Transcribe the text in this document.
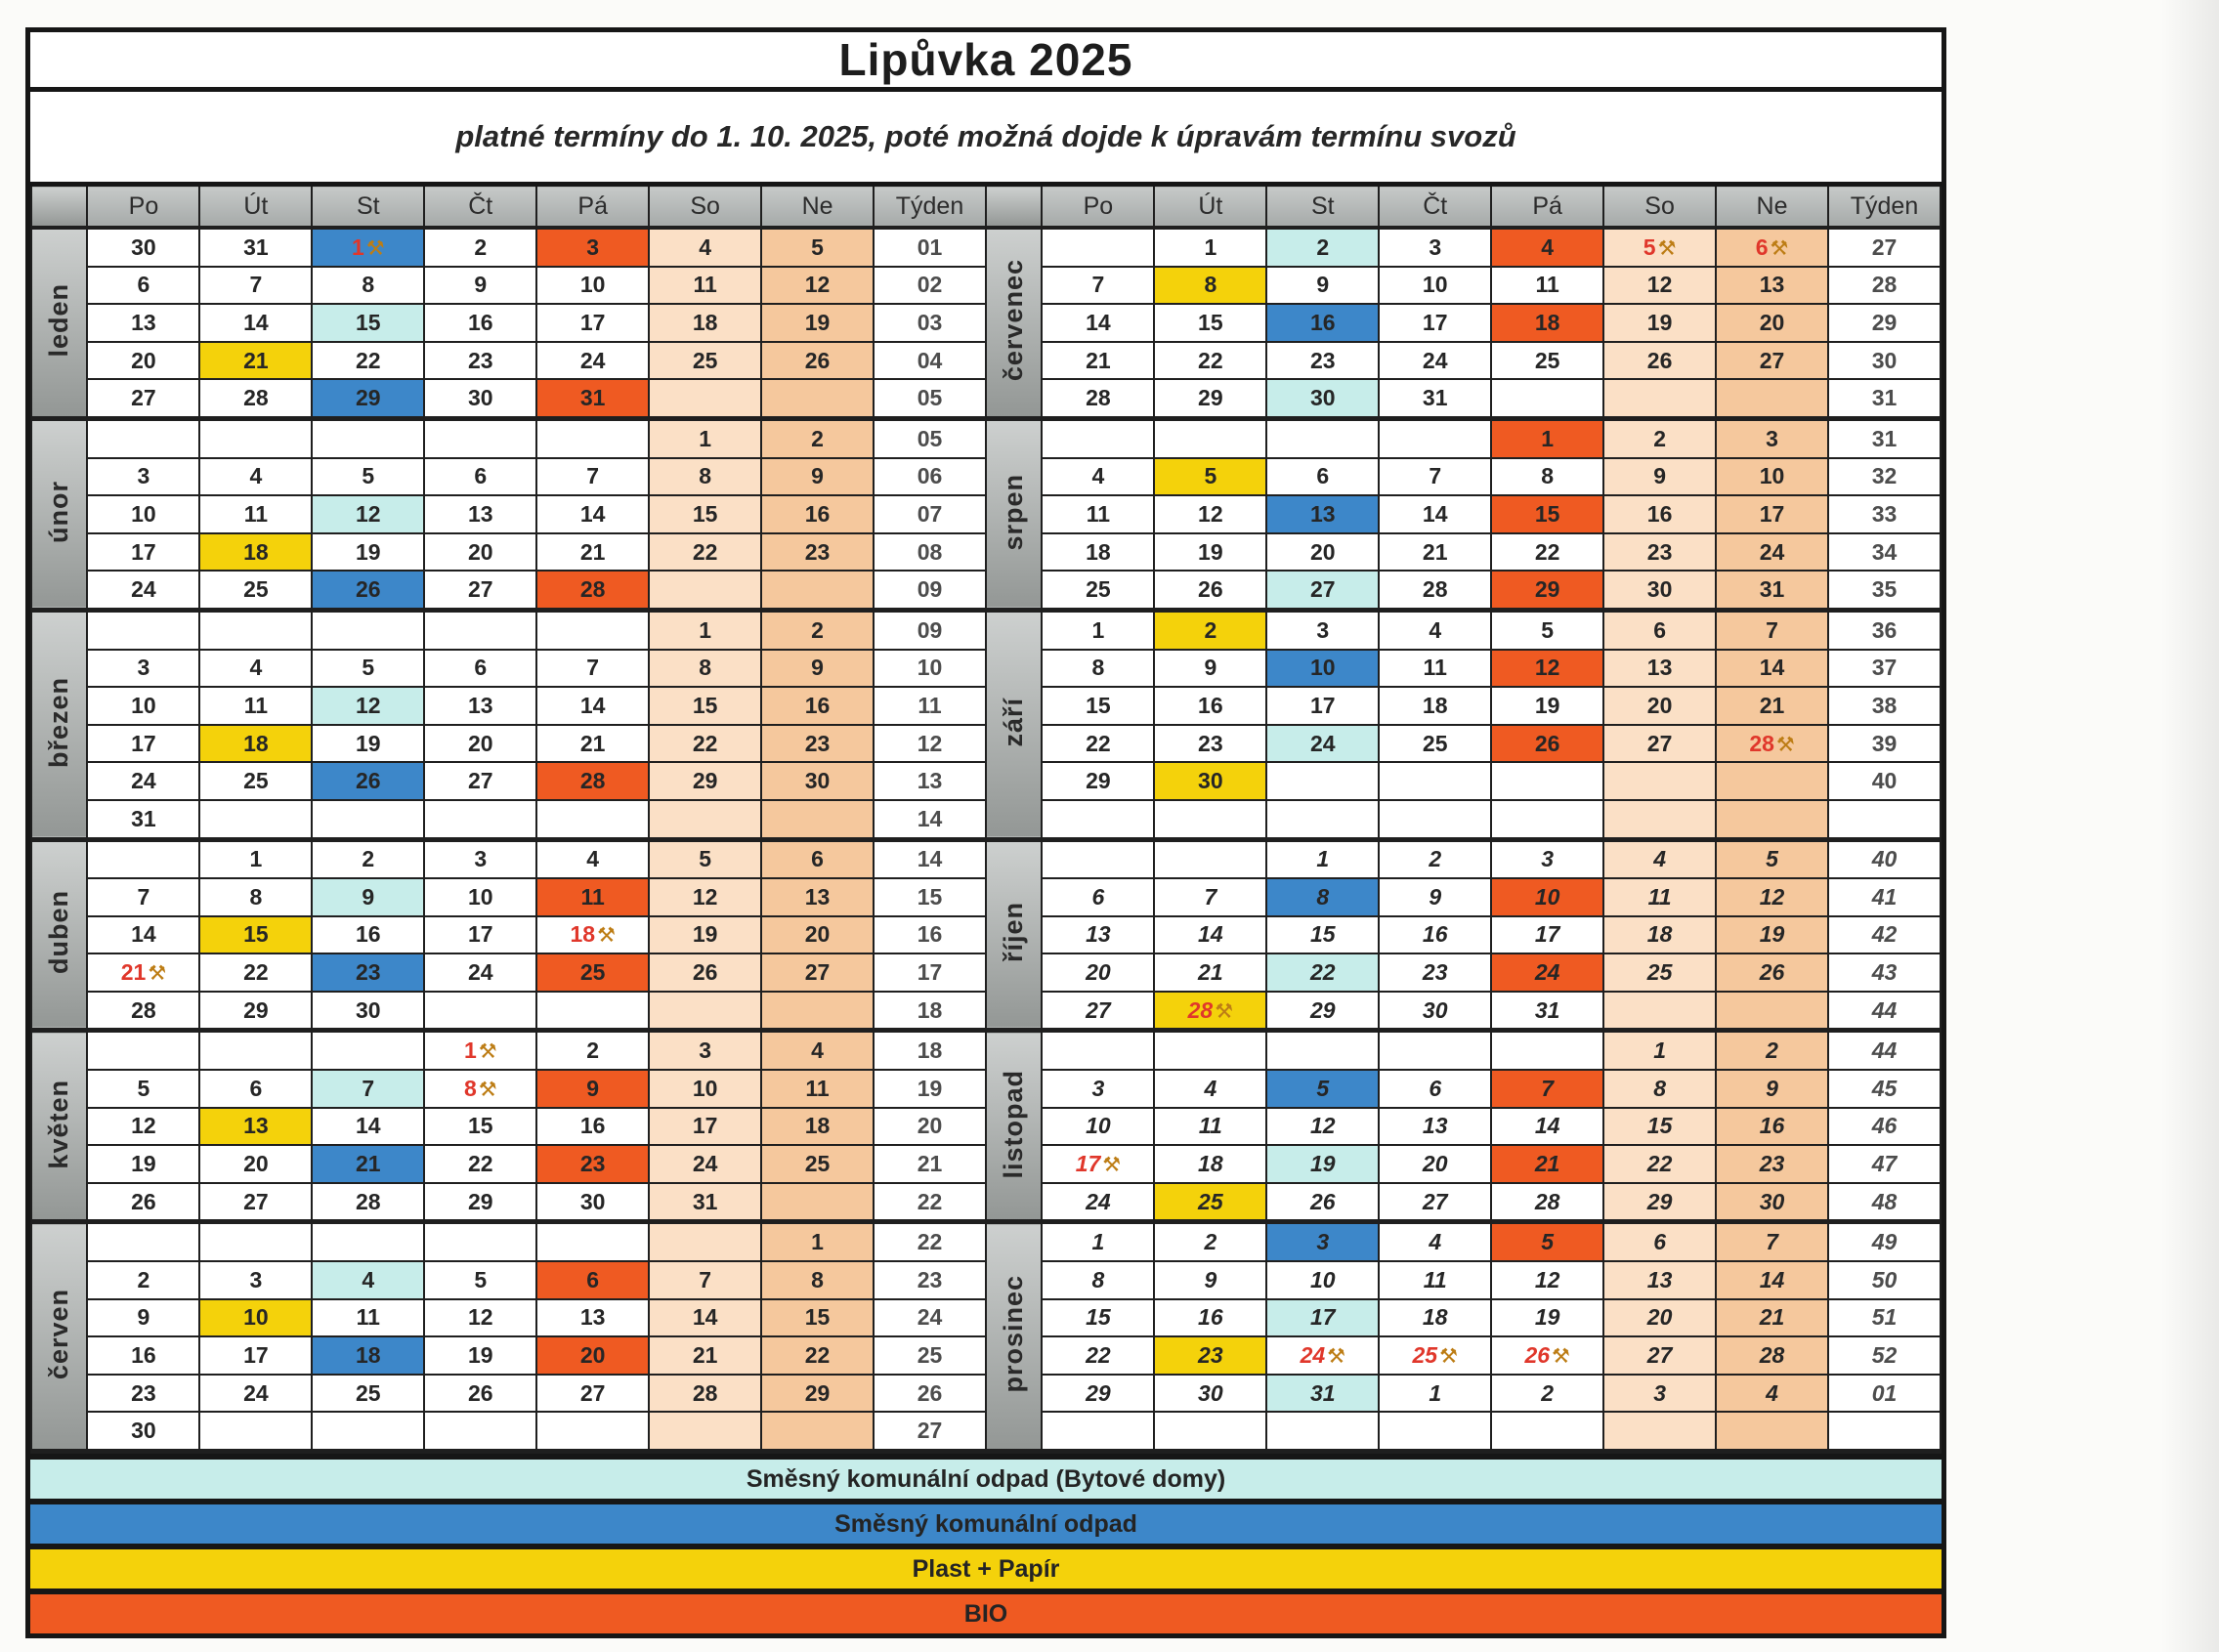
Lipůvka 2025
platné termíny do 1. 10. 2025, poté možná dojde k úpravám termínu svozů
	Po	Út	St	Čt	Pá	So	Ne	Týden		Po	Út	St	Čt	Pá	So	Ne	Týden
leden	30	31	1⚒	2	3	4	5	01	červenec		1	2	3	4	5⚒	6⚒	27
	6	7	8	9	10	11	12	02		7	8	9	10	11	12	13	28
	13	14	15	16	17	18	19	03		14	15	16	17	18	19	20	29
	20	21	22	23	24	25	26	04		21	22	23	24	25	26	27	30
	27	28	29	30	31			05		28	29	30	31				31
únor						1	2	05	srpen					1	2	3	31
	3	4	5	6	7	8	9	06		4	5	6	7	8	9	10	32
	10	11	12	13	14	15	16	07		11	12	13	14	15	16	17	33
	17	18	19	20	21	22	23	08		18	19	20	21	22	23	24	34
	24	25	26	27	28			09		25	26	27	28	29	30	31	35
březen						1	2	09	září	1	2	3	4	5	6	7	36
	3	4	5	6	7	8	9	10		8	9	10	11	12	13	14	37
	10	11	12	13	14	15	16	11		15	16	17	18	19	20	21	38
	17	18	19	20	21	22	23	12		22	23	24	25	26	27	28⚒	39
	24	25	26	27	28	29	30	13		29	30						40
	31							14									
duben		1	2	3	4	5	6	14	říjen			1	2	3	4	5	40
	7	8	9	10	11	12	13	15		6	7	8	9	10	11	12	41
	14	15	16	17	18⚒	19	20	16		13	14	15	16	17	18	19	42
	21⚒	22	23	24	25	26	27	17		20	21	22	23	24	25	26	43
	28	29	30					18		27	28⚒	29	30	31			44
květen				1⚒	2	3	4	18	listopad						1	2	44
	5	6	7	8⚒	9	10	11	19		3	4	5	6	7	8	9	45
	12	13	14	15	16	17	18	20		10	11	12	13	14	15	16	46
	19	20	21	22	23	24	25	21		17⚒	18	19	20	21	22	23	47
	26	27	28	29	30	31		22		24	25	26	27	28	29	30	48
červen							1	22	prosinec	1	2	3	4	5	6	7	49
	2	3	4	5	6	7	8	23		8	9	10	11	12	13	14	50
	9	10	11	12	13	14	15	24		15	16	17	18	19	20	21	51
	16	17	18	19	20	21	22	25		22	23	24⚒	25⚒	26⚒	27	28	52
	23	24	25	26	27	28	29	26		29	30	31	1	2	3	4	01
	30							27									
Směsný komunální odpad (Bytové domy)
Směsný komunální odpad
Plast + Papír
BIO
